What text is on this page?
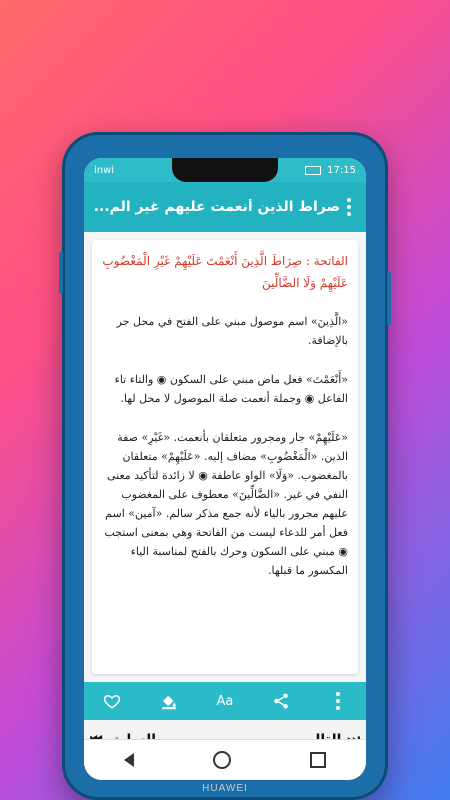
inwi	17:15
صراط الذين أنعمت عليهم غير الم...

الفاتحة : صِرَاطَ الَّذِينَ أَنْعَمْتَ عَلَيْهِمْ غَيْرِ الْمَغْضُوبِ عَلَيْهِمْ وَلَا الضَّالِّينَ

«الَّذِينَ» اسم موصول مبني على الفتح في محل جر بالإضافة.

«أَنْعَمْتَ» فعل ماض مبني على السكون ◉ والتاء تاء الفاعل ◉ وجملة أنعمت صلة الموصول لا محل لها.

«عَلَيْهِمْ» جار ومجرور متعلقان بأنعمت. «غَيْرِ» صفة الذين. «الْمَغْضُوبِ» مضاف إليه. «عَلَيْهِمْ» متعلقان بالمغضوب. «وَلَا» الواو عاطفة ◉ لا زائدة لتأكيد معنى النفي في غير. «الضَّالِّينَ» معطوف على المغضوب عليهم مجرور بالياء لأنه جمع مذكر سالم. «آمين» اسم فعل أمر للدعاء ليست من الفاتحة وهي بمعنى استجب ◉ مبني على السكون وحرك بالفتح لمناسبة الياء المكسور ما قبلها.

Aa
HUAWEI
